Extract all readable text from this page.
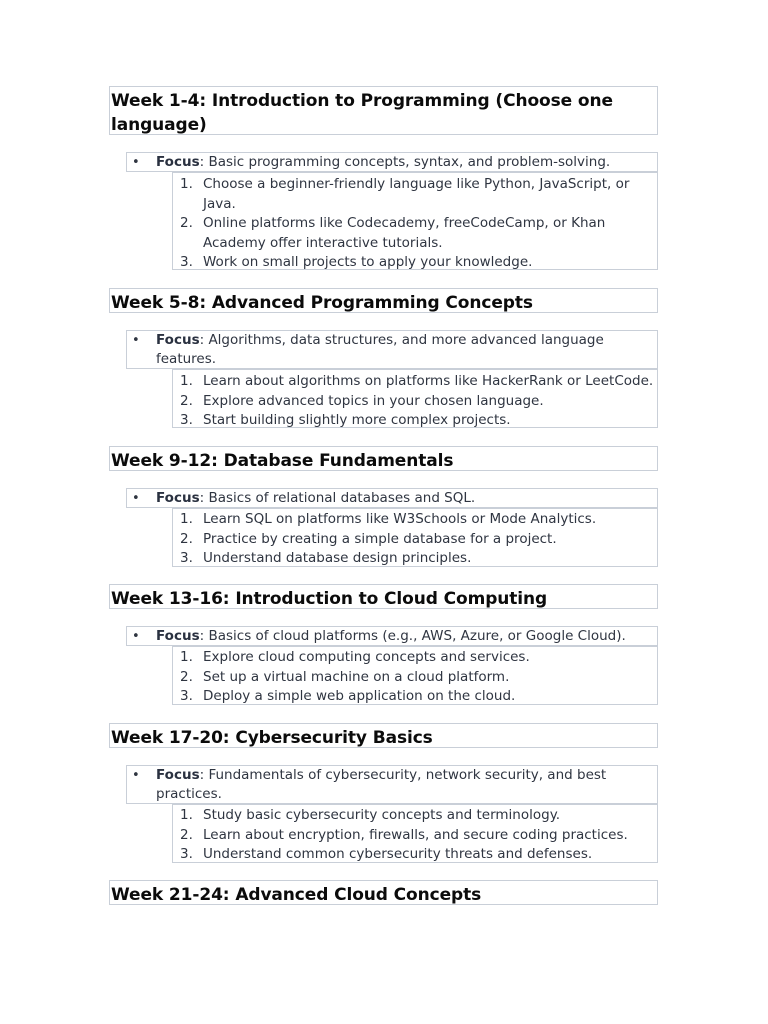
Week 1-4: Introduction to Programming (Choose one language)

• Focus: Basic programming concepts, syntax, and problem-solving.

1. Choose a beginner-friendly language like Python, JavaScript, or Java.

2. Online platforms like Codecademy, freeCodeCamp, or Khan Academy offer interactive tutorials.

3. Work on small projects to apply your knowledge.

Week 5-8: Advanced Programming Concepts

• Focus: Algorithms, data structures, and more advanced language features.

1. Learn about algorithms on platforms like HackerRank or LeetCode.

2. Explore advanced topics in your chosen language.

3. Start building slightly more complex projects.

Week 9-12: Database Fundamentals

• Focus: Basics of relational databases and SQL.

1. Learn SQL on platforms like W3Schools or Mode Analytics.

2. Practice by creating a simple database for a project.

3. Understand database design principles.

Week 13-16: Introduction to Cloud Computing

• Focus: Basics of cloud platforms (e.g., AWS, Azure, or Google Cloud).

1. Explore cloud computing concepts and services.

2. Set up a virtual machine on a cloud platform.

3. Deploy a simple web application on the cloud.

Week 17-20: Cybersecurity Basics

• Focus: Fundamentals of cybersecurity, network security, and best practices.

1. Study basic cybersecurity concepts and terminology.

2. Learn about encryption, firewalls, and secure coding practices.

3. Understand common cybersecurity threats and defenses.

Week 21-24: Advanced Cloud Concepts
